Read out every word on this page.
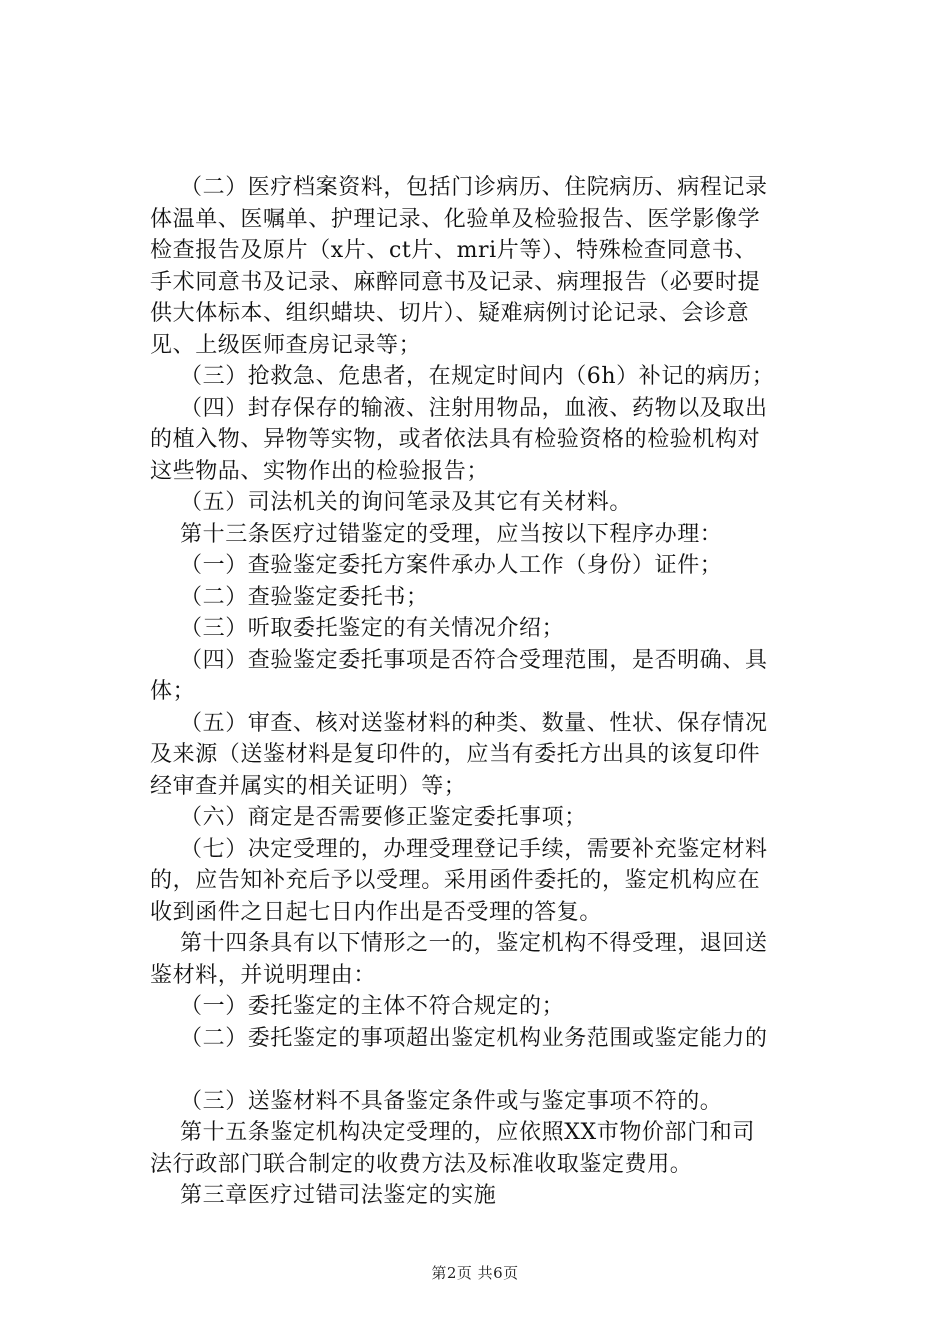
（二）医疗档案资料，包括门诊病历、住院病历、病程记录
体温单、医嘱单、护理记录、化验单及检验报告、医学影像学
检查报告及原片（x片、ct片、mri片等）、特殊检查同意书、
手术同意书及记录、麻醉同意书及记录、病理报告（必要时提
供大体标本、组织蜡块、切片）、疑难病例讨论记录、会诊意
见、上级医师查房记录等；
（三）抢救急、危患者，在规定时间内（6h）补记的病历；
（四）封存保存的输液、注射用物品，血液、药物以及取出
的植入物、异物等实物，或者依法具有检验资格的检验机构对
这些物品、实物作出的检验报告；
（五）司法机关的询问笔录及其它有关材料。
第十三条医疗过错鉴定的受理，应当按以下程序办理：
（一）查验鉴定委托方案件承办人工作（身份）证件；
（二）查验鉴定委托书；
（三）听取委托鉴定的有关情况介绍；
（四）查验鉴定委托事项是否符合受理范围，是否明确、具
体；
（五）审查、核对送鉴材料的种类、数量、性状、保存情况
及来源（送鉴材料是复印件的，应当有委托方出具的该复印件
经审查并属实的相关证明）等；
（六）商定是否需要修正鉴定委托事项；
（七）决定受理的，办理受理登记手续，需要补充鉴定材料
的，应告知补充后予以受理。采用函件委托的，鉴定机构应在
收到函件之日起七日内作出是否受理的答复。
第十四条具有以下情形之一的，鉴定机构不得受理，退回送
鉴材料，并说明理由：
（一）委托鉴定的主体不符合规定的；
（二）委托鉴定的事项超出鉴定机构业务范围或鉴定能力的
（三）送鉴材料不具备鉴定条件或与鉴定事项不符的。
第十五条鉴定机构决定受理的，应依照XX市物价部门和司
法行政部门联合制定的收费方法及标准收取鉴定费用。
第三章医疗过错司法鉴定的实施
第2页 共6页
